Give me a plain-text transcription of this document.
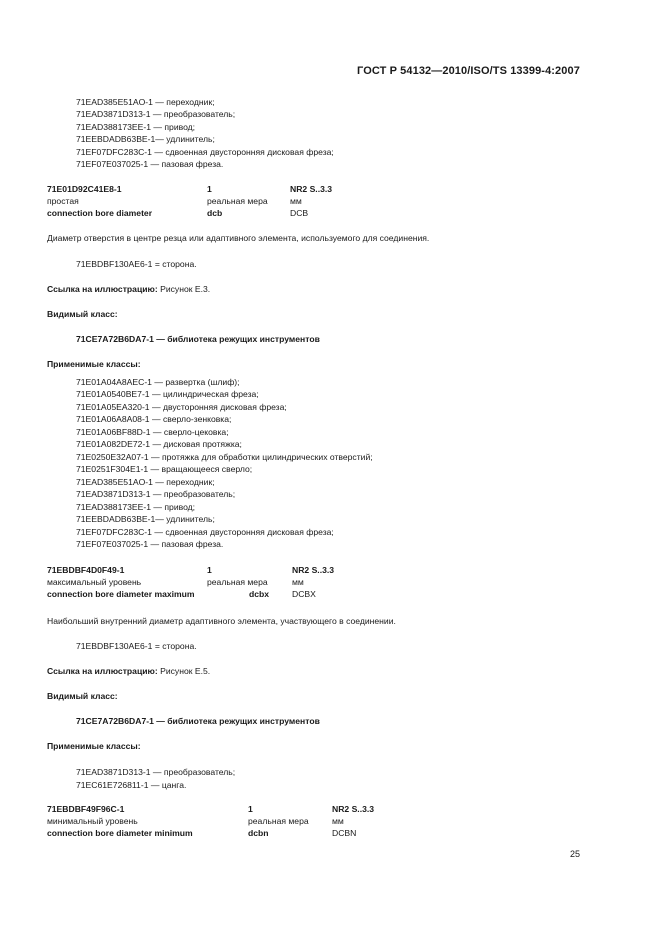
ГОСТ Р 54132—2010/ISO/TS 13399-4:2007
71EAD385E51AO-1 — переходник;
71EAD3871D313-1 — преобразователь;
71EAD388173EE-1 — привод;
71EEBDADB63BE-1— удлинитель;
71EF07DFC283C-1 — сдвоенная двусторонняя дисковая фреза;
71EF07E037025-1 — пазовая фреза.
71E01D92C41E8-1	1	NR2 S..3.3
простая	реальная мера	мм
connection bore diameter	dcb	DCB
Диаметр отверстия в центре резца или адаптивного элемента, используемого для соединения.
71EBDBF130AE6-1 = сторона.
Ссылка на иллюстрацию: Рисунок Е.3.
Видимый класс:
71CE7A72B6DA7-1 — библиотека режущих инструментов
Применимые классы:
71E01A04A8AEC-1 — развертка (шлиф);
71E01A0540BE7-1 — цилиндрическая фреза;
71E01A05EA320-1 — двусторонняя дисковая фреза;
71E01A06A8A08-1 — сверло-зенковка;
71E01A06BF88D-1 — сверло-цековка;
71E01A082DE72-1 — дисковая протяжка;
71E0250E32A07-1 — протяжка для обработки цилиндрических отверстий;
71E0251F304E1-1 — вращающееся сверло;
71EAD385E51AO-1 — переходник;
71EAD3871D313-1 — преобразователь;
71EAD388173EE-1 — привод;
71EEBDADB63BE-1— удлинитель;
71EF07DFC283C-1 — сдвоенная двусторонняя дисковая фреза;
71EF07E037025-1 — пазовая фреза.
71EBDBF4D0F49-1	1	NR2 S..3.3
максимальный уровень	реальная мера	мм
connection bore diameter maximum	dcbx	DCBX
Наибольший внутренний диаметр адаптивного элемента, участвующего в соединении.
71EBDBF130AE6-1 = сторона.
Ссылка на иллюстрацию: Рисунок Е.5.
Видимый класс:
71CE7A72B6DA7-1 — библиотека режущих инструментов
Применимые классы:
71EAD3871D313-1 — преобразователь;
71EC61E726811-1 — цанга.
71EBDBF49F96C-1	1	NR2 S..3.3
минимальный уровень	реальная мера	мм
connection bore diameter minimum	dcbn	DCBN
25
